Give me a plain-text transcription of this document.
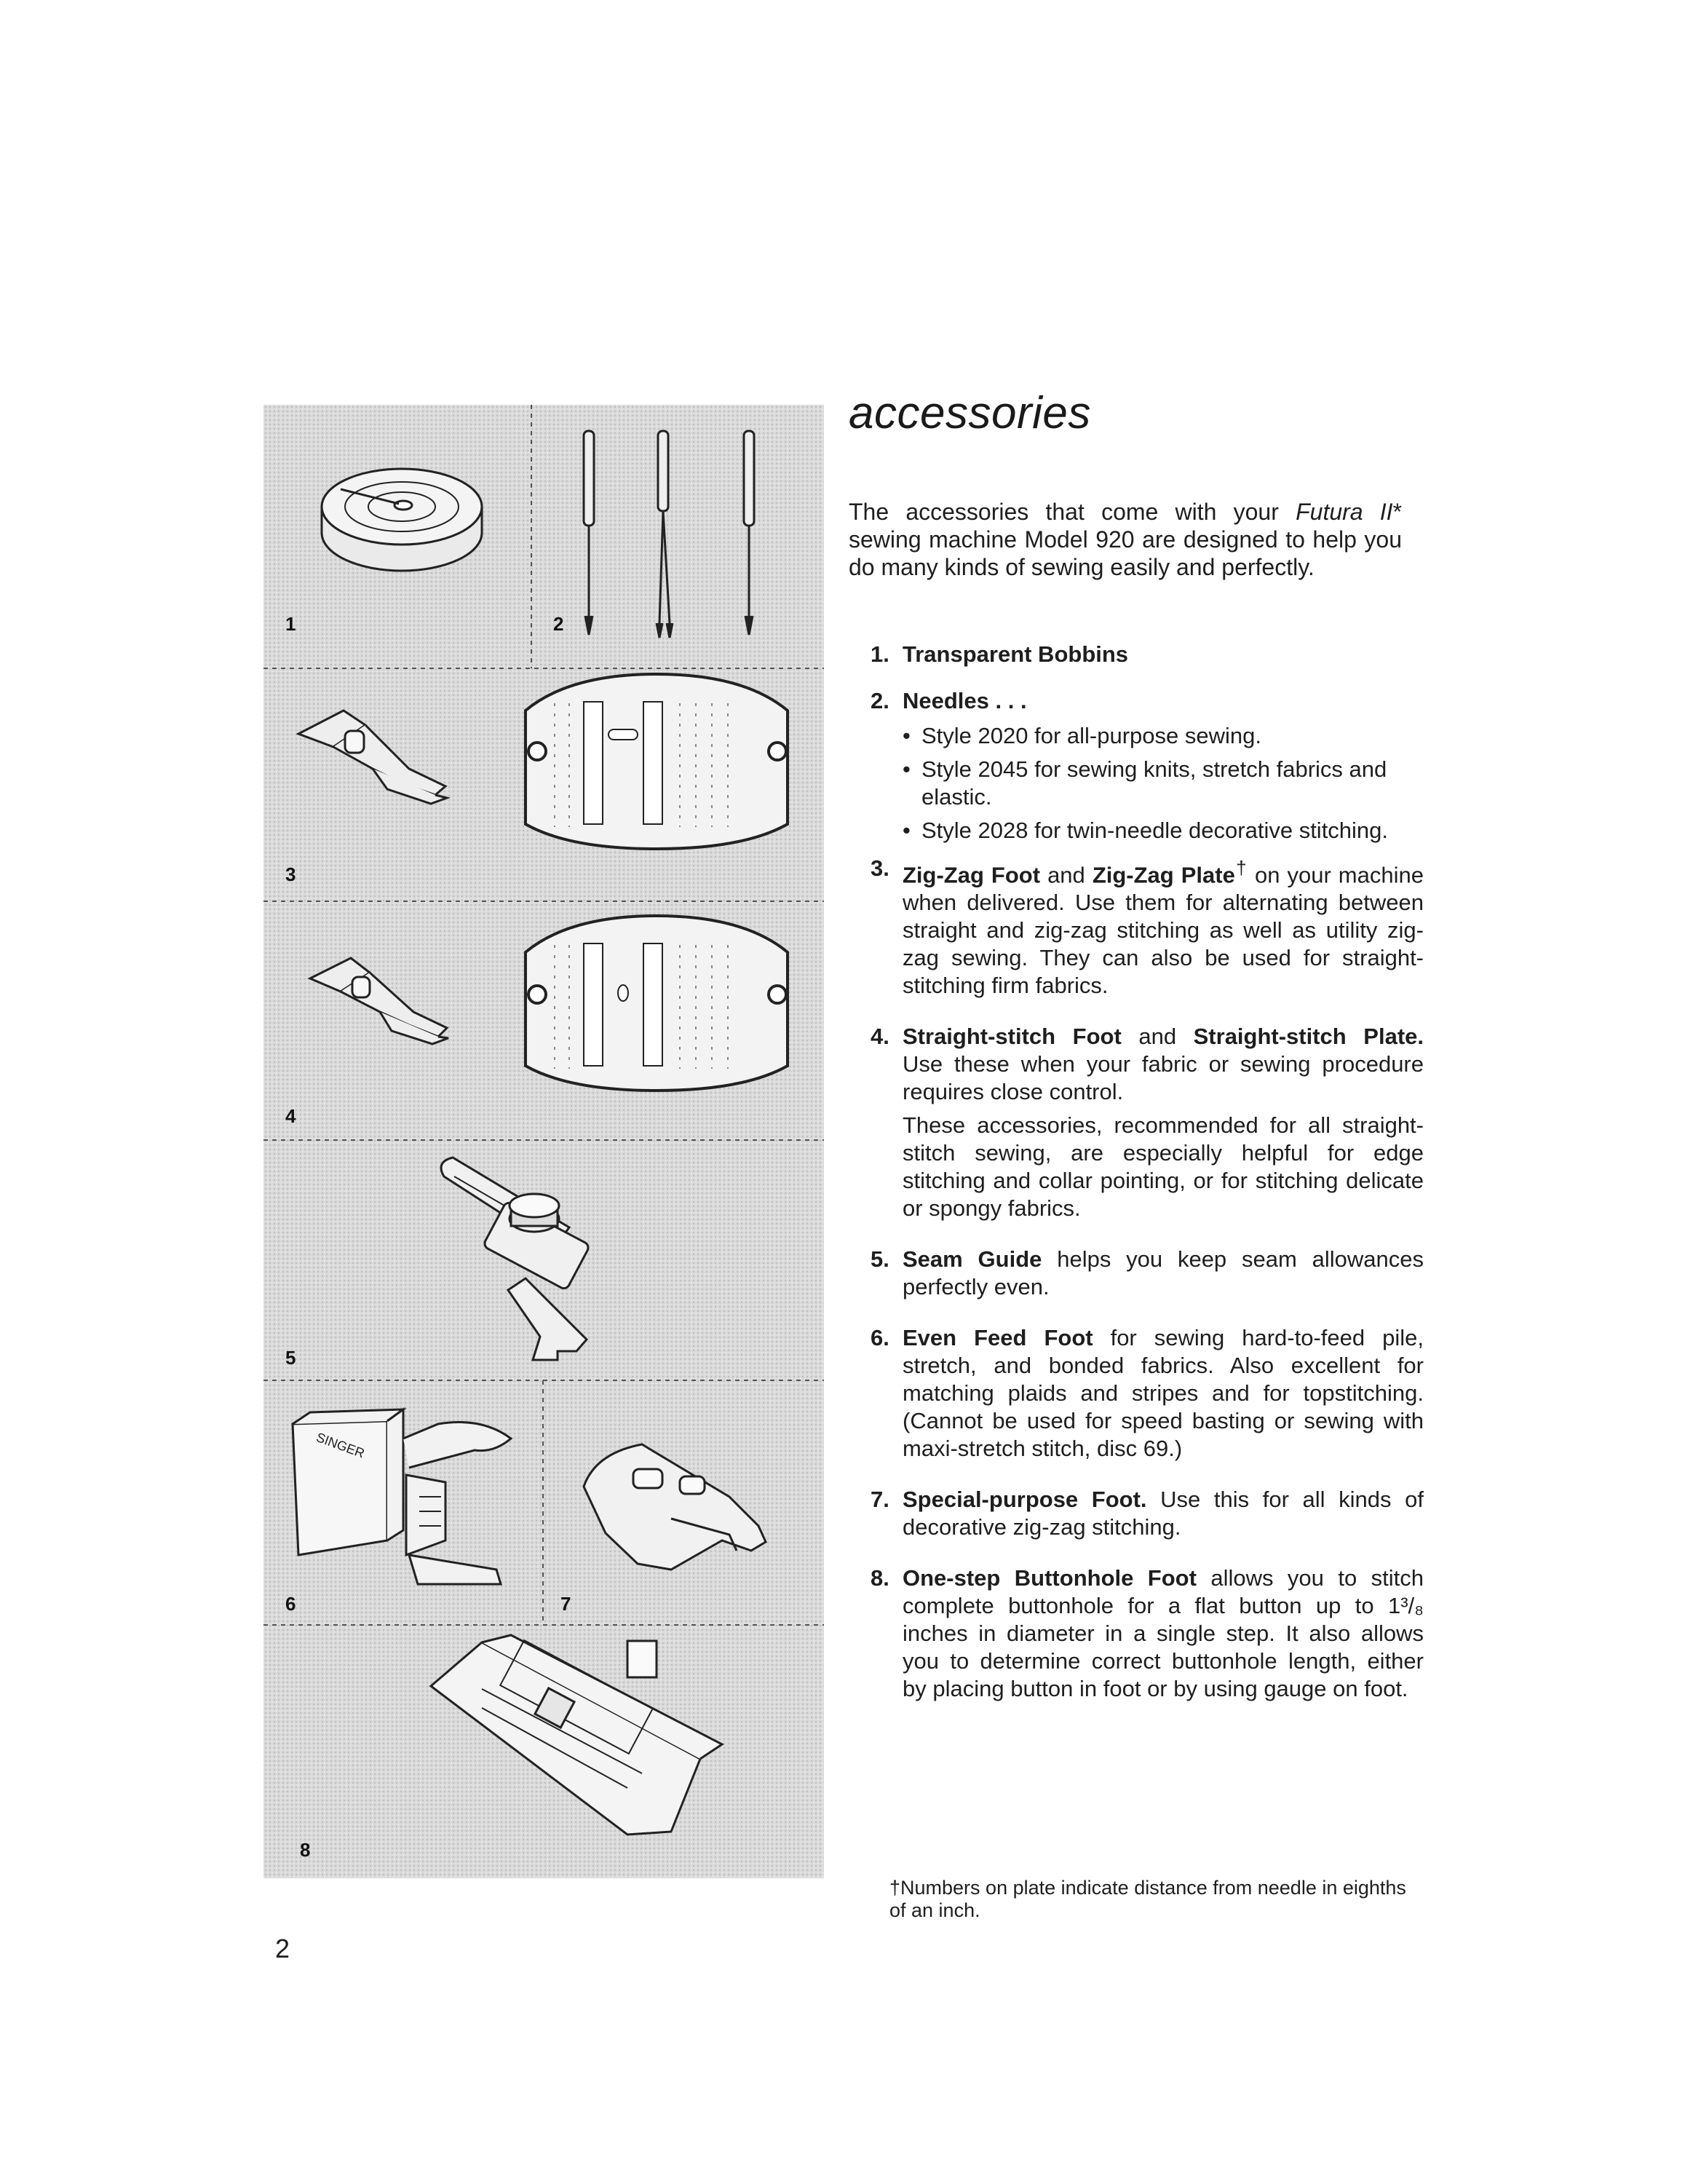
SINGER
1	2
3
4
5
6	7
8
accessories

The accessories that come with your Futura II* sewing machine Model 920 are designed to help you do many kinds of sewing easily and perfectly.

1. Transparent Bobbins
2. Needles . . .
• Style 2020 for all-purpose sewing.
• Style 2045 for sewing knits, stretch fabrics and elastic.
• Style 2028 for twin-needle decorative stitching.
3. Zig-Zag Foot and Zig-Zag Plate† on your machine when delivered. Use them for alternating between straight and zig-zag stitching as well as utility zig-zag sewing. They can also be used for straight-stitching firm fabrics.
4. Straight-stitch Foot and Straight-stitch Plate. Use these when your fabric or sewing procedure requires close control.

These accessories, recommended for all straight-stitch sewing, are especially helpful for edge stitching and collar pointing, or for stitching delicate or spongy fabrics.

5. Seam Guide helps you keep seam allowances perfectly even.
6. Even Feed Foot for sewing hard-to-feed pile, stretch, and bonded fabrics. Also excellent for matching plaids and stripes and for topstitching. (Cannot be used for speed basting or sewing with maxi-stretch stitch, disc 69.)
7. Special-purpose Foot. Use this for all kinds of decorative zig-zag stitching.
8. One-step Buttonhole Foot allows you to stitch complete buttonhole for a flat button up to 1³/₈ inches in diameter in a single step. It also allows you to determine correct buttonhole length, either by placing button in foot or by using gauge on foot.

†Numbers on plate indicate distance from needle in eighths of an inch.

2
